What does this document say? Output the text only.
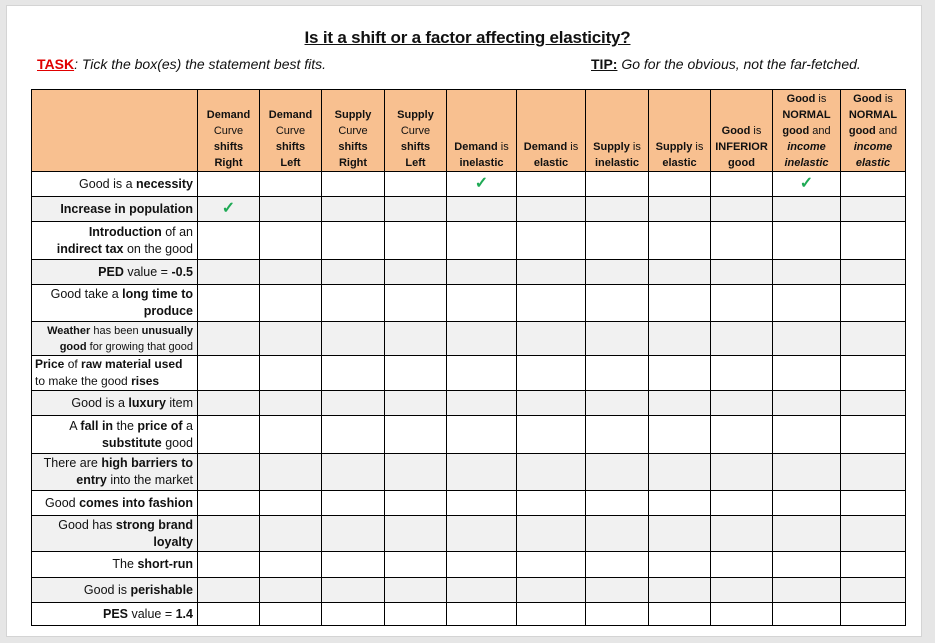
Is it a shift or a factor affecting elasticity?
TASK: Tick the box(es) the statement best fits.	TIP: Go for the obvious, not the far-fetched.
	Demand
Curve
shifts
Right	Demand
Curve
shifts
Left	Supply
Curve
shifts
Right	Supply
Curve
shifts
Left	Demand is
inelastic	Demand is
elastic	Supply is
inelastic	Supply is
elastic	Good is
INFERIOR
good	Good is
NORMAL
good and
income
inelastic	Good is
NORMAL
good and
income
elastic
Good is a necessity					✓					✓	
Increase in population	✓										
Introduction of an
indirect tax on the good											
PED value = -0.5											
Good take a long time to
produce											
Weather has been unusually
good for growing that good											
Price of raw material used
to make the good rises											
Good is a luxury item											
A fall in the price of a
substitute good											
There are high barriers to
entry into the market											
Good comes into fashion											
Good has strong brand
loyalty											
The short-run											
Good is perishable											
PES value = 1.4											
